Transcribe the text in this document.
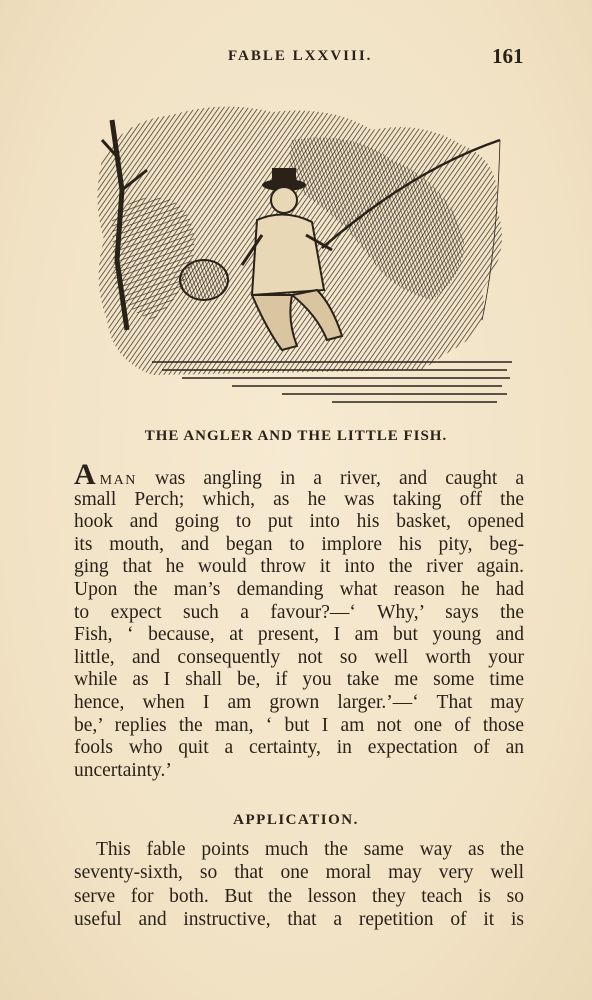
FABLE LXXVIII.	161
THE ANGLER AND THE LITTLE FISH.
AMAN was angling in a river, and caught a
small Perch; which, as he was taking off the
hook and going to put into his basket, opened
its mouth, and began to implore his pity, beg-
ging that he would throw it into the river again.
Upon the man’s demanding what reason he had
to expect such a favour?—‘ Why,’ says the
Fish, ‘ because, at present, I am but young and
little, and consequently not so well worth your
while as I shall be, if you take me some time
hence, when I am grown larger.’—‘ That may
be,’ replies the man, ‘ but I am not one of those
fools who quit a certainty, in expectation of an
uncertainty.’
APPLICATION.
This fable points much the same way as the
seventy-sixth, so that one moral may very well
serve for both. But the lesson they teach is so
useful and instructive, that a repetition of it is
